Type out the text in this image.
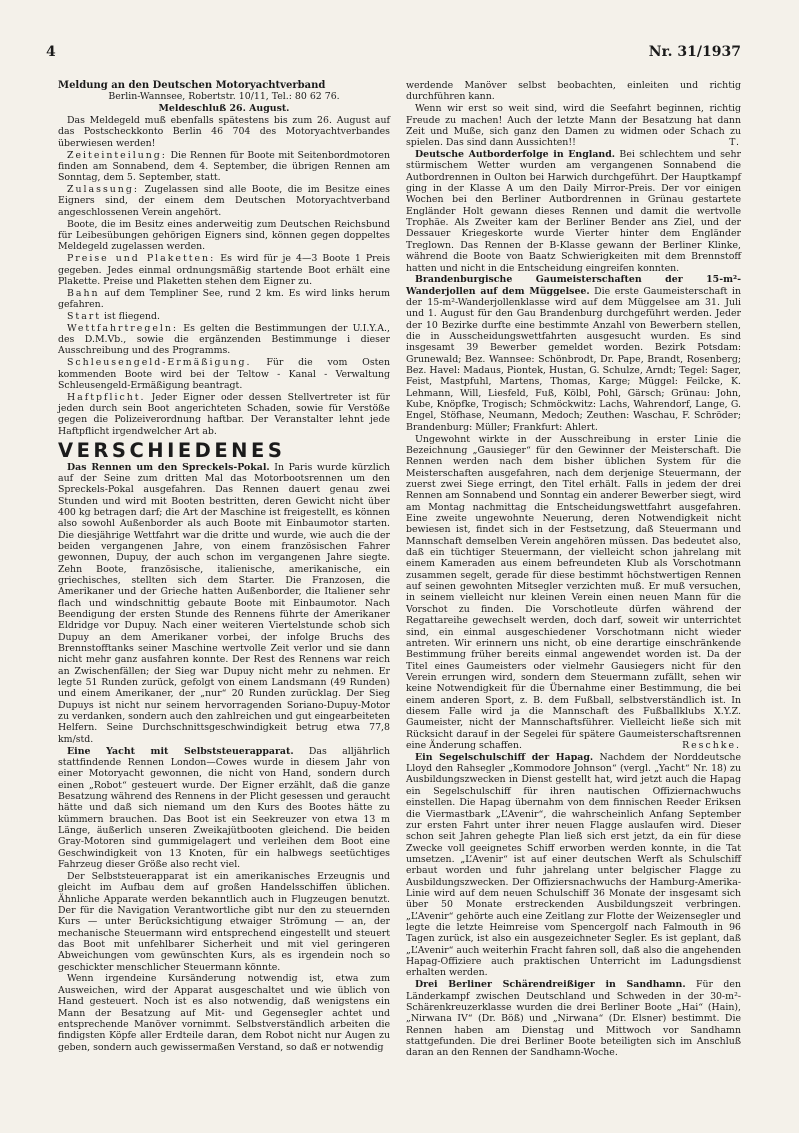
4	Nr. 31/1937
Meldung an den Deutschen Motoryachtverband

Berlin-Wannsee, Robertstr. 10/11, Tel.: 80 62 76.

Meldeschluß 26. August.

Das Meldegeld muß ebenfalls spätestens bis zum 26. August auf das Postscheckkonto Berlin 46 704 des Motoryachtverbandes überwiesen werden!

Zeiteinteilung: Die Rennen für Boote mit Seitenbordmotoren finden am Sonnabend, dem 4. September, die übrigen Rennen am Sonntag, dem 5. September, statt.

Zulassung: Zugelassen sind alle Boote, die im Besitze eines Eigners sind, der einem dem Deutschen Motoryachtverband angeschlossenen Verein angehört.

Boote, die im Besitz eines anderweitig zum Deutschen Reichsbund für Leibesübungen gehörigen Eigners sind, können gegen doppeltes Meldegeld zugelassen werden.

Preise und Plaketten: Es wird für je 4—3 Boote 1 Preis gegeben. Jedes einmal ordnungsmäßig startende Boot erhält eine Plakette. Preise und Plaketten stehen dem Eigner zu.

Bahn auf dem Templiner See, rund 2 km. Es wird links herum gefahren.

Start ist fliegend.

Wettfahrtregeln: Es gelten die Bestimmungen der U.I.Y.A., des D.M.Vb., sowie die ergänzenden Bestimmunge i dieser Ausschreibung und des Programms.

Schleusengeld-Ermäßigung. Für die vom Osten kommenden Boote wird bei der Teltow - Kanal - Verwaltung Schleusengeld-Ermäßigung beantragt.

Haftpflicht. Jeder Eigner oder dessen Stellvertreter ist für jeden durch sein Boot angerichteten Schaden, sowie für Verstöße gegen die Polizeiverordnung haftbar. Der Veranstalter lehnt jede Haftpflicht irgendwelcher Art ab.

VERSCHIEDENES

Das Rennen um den Spreckels-Pokal. In Paris wurde kürzlich auf der Seine zum dritten Mal das Motorbootsrennen um den Spreckels-Pokal ausgefahren. Das Rennen dauert genau zwei Stunden und wird mit Booten bestritten, deren Gewicht nicht über 400 kg betragen darf; die Art der Maschine ist freigestellt, es können also sowohl Außenborder als auch Boote mit Einbaumotor starten. Die diesjährige Wettfahrt war die dritte und wurde, wie auch die der beiden vergangenen Jahre, von einem französischen Fahrer gewonnen, Dupuy, der auch schon im vergangenen Jahre siegte. Zehn Boote, französische, italienische, amerikanische, ein griechisches, stellten sich dem Starter. Die Franzosen, die Amerikaner und der Grieche hatten Außenborder, die Italiener sehr flach und windschnittig gebaute Boote mit Einbaumotor. Nach Beendigung der ersten Stunde des Rennens führte der Amerikaner Eldridge vor Dupuy. Nach einer weiteren Viertelstunde schob sich Dupuy an dem Amerikaner vorbei, der infolge Bruchs des Brennstofftanks seiner Maschine wertvolle Zeit verlor und sie dann nicht mehr ganz ausfahren konnte. Der Rest des Rennens war reich an Zwischenfällen; der Sieg war Dupuy nicht mehr zu nehmen. Er legte 51 Runden zurück, gefolgt von einem Landsmann (49 Runden) und einem Amerikaner, der „nur“ 20 Runden zurücklag. Der Sieg Dupuys ist nicht nur seinem hervorragenden Soriano-Dupuy-Motor zu verdanken, sondern auch den zahlreichen und gut eingearbeiteten Helfern. Seine Durchschnittsgeschwindigkeit betrug etwa 77,8 km/std.

Eine Yacht mit Selbststeuerapparat. Das alljährlich stattfindende Rennen London—Cowes wurde in diesem Jahr von einer Motoryacht gewonnen, die nicht von Hand, sondern durch einen „Robot“ gesteuert wurde. Der Eigner erzählt, daß die ganze Besatzung während des Rennens in der Plicht gesessen und geraucht hätte und daß sich niemand um den Kurs des Bootes hätte zu kümmern brauchen. Das Boot ist ein Seekreuzer von etwa 13 m Länge, äußerlich unseren Zweikajütbooten gleichend. Die beiden Gray-Motoren sind gummigelagert und verleihen dem Boot eine Geschwindigkeit von 13 Knoten, für ein halbwegs seetüchtiges Fahrzeug dieser Größe also recht viel.

Der Selbststeuerapparat ist ein amerikanisches Erzeugnis und gleicht im Aufbau dem auf großen Handelsschiffen üblichen. Ähnliche Apparate werden bekanntlich auch in Flugzeugen benutzt. Der für die Navigation Verantwortliche gibt nur den zu steuernden Kurs — unter Berücksichtigung etwaiger Strömung — an, der mechanische Steuermann wird entsprechend eingestellt und steuert das Boot mit unfehlbarer Sicherheit und mit viel geringeren Abweichungen vom gewünschten Kurs, als es irgendein noch so geschickter menschlicher Steuermann könnte.

Wenn irgendeine Kursänderung notwendig ist, etwa zum Ausweichen, wird der Apparat ausgeschaltet und wie üblich von Hand gesteuert. Noch ist es also notwendig, daß wenigstens ein Mann der Besatzung auf Mit- und Gegensegler achtet und entsprechende Manöver vornimmt. Selbstverständlich arbeiten die findigsten Köpfe aller Erdteile daran, dem Robot nicht nur Augen zu geben, sondern auch gewissermaßen Verstand, so daß er notwendig

werdende Manöver selbst beobachten, einleiten und richtig durchführen kann.

Wenn wir erst so weit sind, wird die Seefahrt beginnen, richtig Freude zu machen! Auch der letzte Mann der Besatzung hat dann Zeit und Muße, sich ganz den Damen zu widmen oder Schach zu spielen. Das sind dann Aussichten!!	T.

Deutsche Autborderfolge in England. Bei schlechtem und sehr stürmischem Wetter wurden am vergangenen Sonnabend die Autbordrennen in Oulton bei Harwich durchgeführt. Der Hauptkampf ging in der Klasse A um den Daily Mirror-Preis. Der vor einigen Wochen bei den Berliner Autbordrennen in Grünau gestartete Engländer Holt gewann dieses Rennen und damit die wertvolle Trophäe. Als Zweiter kam der Berliner Bender ans Ziel, und der Dessauer Kriegeskorte wurde Vierter hinter dem Engländer Treglown. Das Rennen der B-Klasse gewann der Berliner Klinke, während die Boote von Baatz Schwierigkeiten mit dem Brennstoff hatten und nicht in die Entscheidung eingreifen konnten.

Brandenburgische Gaumeisterschaften der 15-m²-Wanderjollen auf dem Müggelsee. Die erste Gaumeisterschaft in der 15-m²-Wanderjollenklasse wird auf dem Müggelsee am 31. Juli und 1. August für den Gau Brandenburg durchgeführt werden. Jeder der 10 Bezirke durfte eine bestimmte Anzahl von Bewerbern stellen, die in Ausscheidungswettfahrten ausgesucht wurden. Es sind insgesamt 39 Bewerber gemeldet worden. Bezirk Potsdam: Grunewald; Bez. Wannsee: Schönbrodt, Dr. Pape, Brandt, Rosenberg; Bez. Havel: Madaus, Piontek, Hustan, G. Schulze, Arndt; Tegel: Sager, Feist, Mastpfuhl, Martens, Thomas, Karge; Müggel: Feilcke, K. Lehmann, Will, Liesfeld, Fuß, Kölbl, Pohl, Gärsch; Grünau: John, Kube, Knöpfke, Trogisch; Schmöckwitz: Lachs, Wahrendorf, Lange, G. Engel, Stöfhase, Neumann, Medoch; Zeuthen: Waschau, F. Schröder; Brandenburg: Müller; Frankfurt: Ahlert.

Ungewohnt wirkte in der Ausschreibung in erster Linie die Bezeichnung „Gausieger“ für den Gewinner der Meisterschaft. Die Rennen werden nach dem bisher üblichen System für die Meisterschaften ausgefahren, nach dem derjenige Steuermann, der zuerst zwei Siege erringt, den Titel erhält. Falls in jedem der drei Rennen am Sonnabend und Sonntag ein anderer Bewerber siegt, wird am Montag nachmittag die Entscheidungswettfahrt ausgefahren. Eine zweite ungewohnte Neuerung, deren Notwendigkeit nicht bewiesen ist, findet sich in der Festsetzung, daß Steuermann und Mannschaft demselben Verein angehören müssen. Das bedeutet also, daß ein tüchtiger Steuermann, der vielleicht schon jahrelang mit einem Kameraden aus einem befreundeten Klub als Vorschotmann zusammen segelt, gerade für diese bestimmt höchstwertigen Rennen auf seinen gewohnten Mitsegler verzichten muß. Er muß versuchen, in seinem vielleicht nur kleinen Verein einen neuen Mann für die Vorschot zu finden. Die Vorschotleute dürfen während der Regattareihe gewechselt werden, doch darf, soweit wir unterrichtet sind, ein einmal ausgeschiedener Vorschotmann nicht wieder antreten. Wir erinnern uns nicht, ob eine derartige einschränkende Bestimmung früher bereits einmal angewendet worden ist. Da der Titel eines Gaumeisters oder vielmehr Gausiegers nicht für den Verein errungen wird, sondern dem Steuermann zufällt, sehen wir keine Notwendigkeit für die Übernahme einer Bestimmung, die bei einem anderen Sport, z. B. dem Fußball, selbstverständlich ist. In diesem Falle wird ja die Mannschaft des Fußballklubs X.Y.Z. Gaumeister, nicht der Mannschaftsführer. Vielleicht ließe sich mit Rücksicht darauf in der Segelei für spätere Gaumeisterschaftsrennen eine Änderung schaffen.	Reschke.

Ein Segelschulschiff der Hapag. Nachdem der Norddeutsche Lloyd den Rahsegler „Kommodore Johnson“ (vergl. „Yacht“ Nr. 18) zu Ausbildungszwecken in Dienst gestellt hat, wird jetzt auch die Hapag ein Segelschulschiff für ihren nautischen Offiziernachwuchs einstellen. Die Hapag übernahm von dem finnischen Reeder Eriksen die Viermastbark „L’Avenir“, die wahrscheinlich Anfang September zur ersten Fahrt unter ihrer neuen Flagge auslaufen wird. Dieser schon seit Jahren gehegte Plan ließ sich erst jetzt, da ein für diese Zwecke voll geeignetes Schiff erworben werden konnte, in die Tat umsetzen. „L’Avenir“ ist auf einer deutschen Werft als Schulschiff erbaut worden und fuhr jahrelang unter belgischer Flagge zu Ausbildungszwecken. Der Offiziersnachwuchs der Hamburg-Amerika-Linie wird auf dem neuen Schulschiff 36 Monate der insgesamt sich über 50 Monate erstreckenden Ausbildungszeit verbringen. „L’Avenir“ gehörte auch eine Zeitlang zur Flotte der Weizensegler und legte die letzte Heimreise vom Spencergolf nach Falmouth in 96 Tagen zurück, ist also ein ausgezeichneter Segler. Es ist geplant, daß „L’Avenir“ auch weiterhin Fracht fahren soll, daß also die angehenden Hapag-Offiziere auch praktischen Unterricht im Ladungsdienst erhalten werden.

Drei Berliner Schärendreißiger in Sandhamn. Für den Länderkampf zwischen Deutschland und Schweden in der 30-m²-Schärenkreuzerklasse wurden die drei Berliner Boote „Hai“ (Hain), „Nirwana IV“ (Dr. Böß) und „Nirwana“ (Dr. Elsner) bestimmt. Die Rennen haben am Dienstag und Mittwoch vor Sandhamn stattgefunden. Die drei Berliner Boote beteiligten sich im Anschluß daran an den Rennen der Sandhamn-Woche.
